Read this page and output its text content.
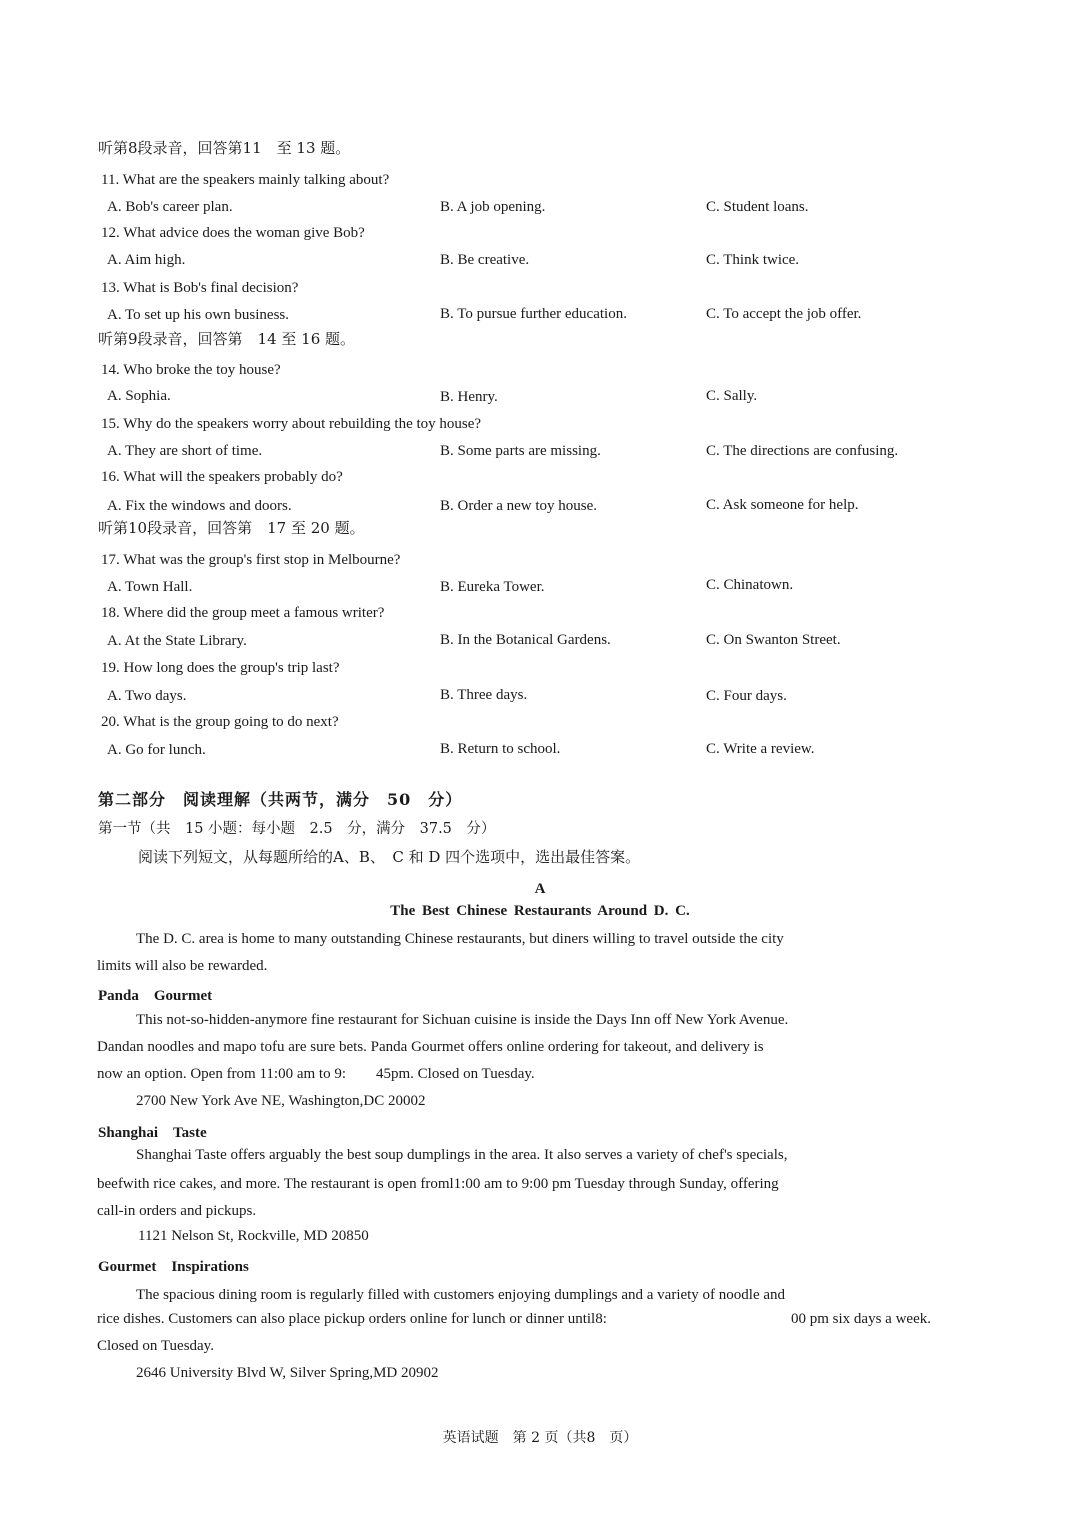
听第8段录音，回答第11　至 13 题。
11. What are the speakers mainly talking about?
A. Bob's career plan.	B. A job opening.	C. Student loans.
12. What advice does the woman give Bob?
A. Aim high.	B. Be creative.	C. Think twice.
13. What is Bob's final decision?
A. To set up his own business.	B. To pursue further education.	C. To accept the job offer.
听第9段录音，回答第　14 至 16 题。
14. Who broke the toy house?
A. Sophia.	B. Henry.	C. Sally.
15. Why do the speakers worry about rebuilding the toy house?
A. They are short of time.	B. Some parts are missing.	C. The directions are confusing.
16. What will the speakers probably do?
A. Fix the windows and doors.	B. Order a new toy house.	C. Ask someone for help.
听第10段录音，回答第　17 至 20 题。
17. What was the group's first stop in Melbourne?
A. Town Hall.	B. Eureka Tower.	C. Chinatown.
18. Where did the group meet a famous writer?
A. At the State Library.	B. In the Botanical Gardens.	C. On Swanton Street.
19. How long does the group's trip last?
A. Two days.	B. Three days.	C. Four days.
20. What is the group going to do next?
A. Go for lunch.	B. Return to school.	C. Write a review.
第二部分　阅读理解（共两节，满分　50　分）
第一节（共　15 小题：每小题　2.5　分，满分　37.5　分）
阅读下列短文，从每题所给的A、B、　C 和 D 四个选项中，选出最佳答案。
A
The Best Chinese Restaurants Around D. C.
The D. C. area is home to many outstanding Chinese restaurants, but diners willing to travel outside the city
limits will also be rewarded.
Panda　Gourmet
This not-so-hidden-anymore fine restaurant for Sichuan cuisine is inside the Days Inn off New York Avenue.
Dandan noodles and mapo tofu are sure bets. Panda Gourmet offers online ordering for takeout, and delivery is
now an option. Open from 11:00 am to 9:　　45pm. Closed on Tuesday.
2700 New York Ave NE, Washington,DC 20002
Shanghai　Taste
Shanghai Taste offers arguably the best soup dumplings in the area. It also serves a variety of chef's specials,
beefwith rice cakes, and more. The restaurant is open froml1:00 am to 9:00 pm Tuesday through Sunday, offering
call-in orders and pickups.
1121 Nelson St, Rockville, MD 20850
Gourmet　Inspirations
The spacious dining room is regularly filled with customers enjoying dumplings and a variety of noodle and
rice dishes. Customers can also place pickup orders online for lunch or dinner until8:	00 pm six days a week.
Closed on Tuesday.
2646 University Blvd W, Silver Spring,MD 20902
英语试题　第 2 页（共8　页）
